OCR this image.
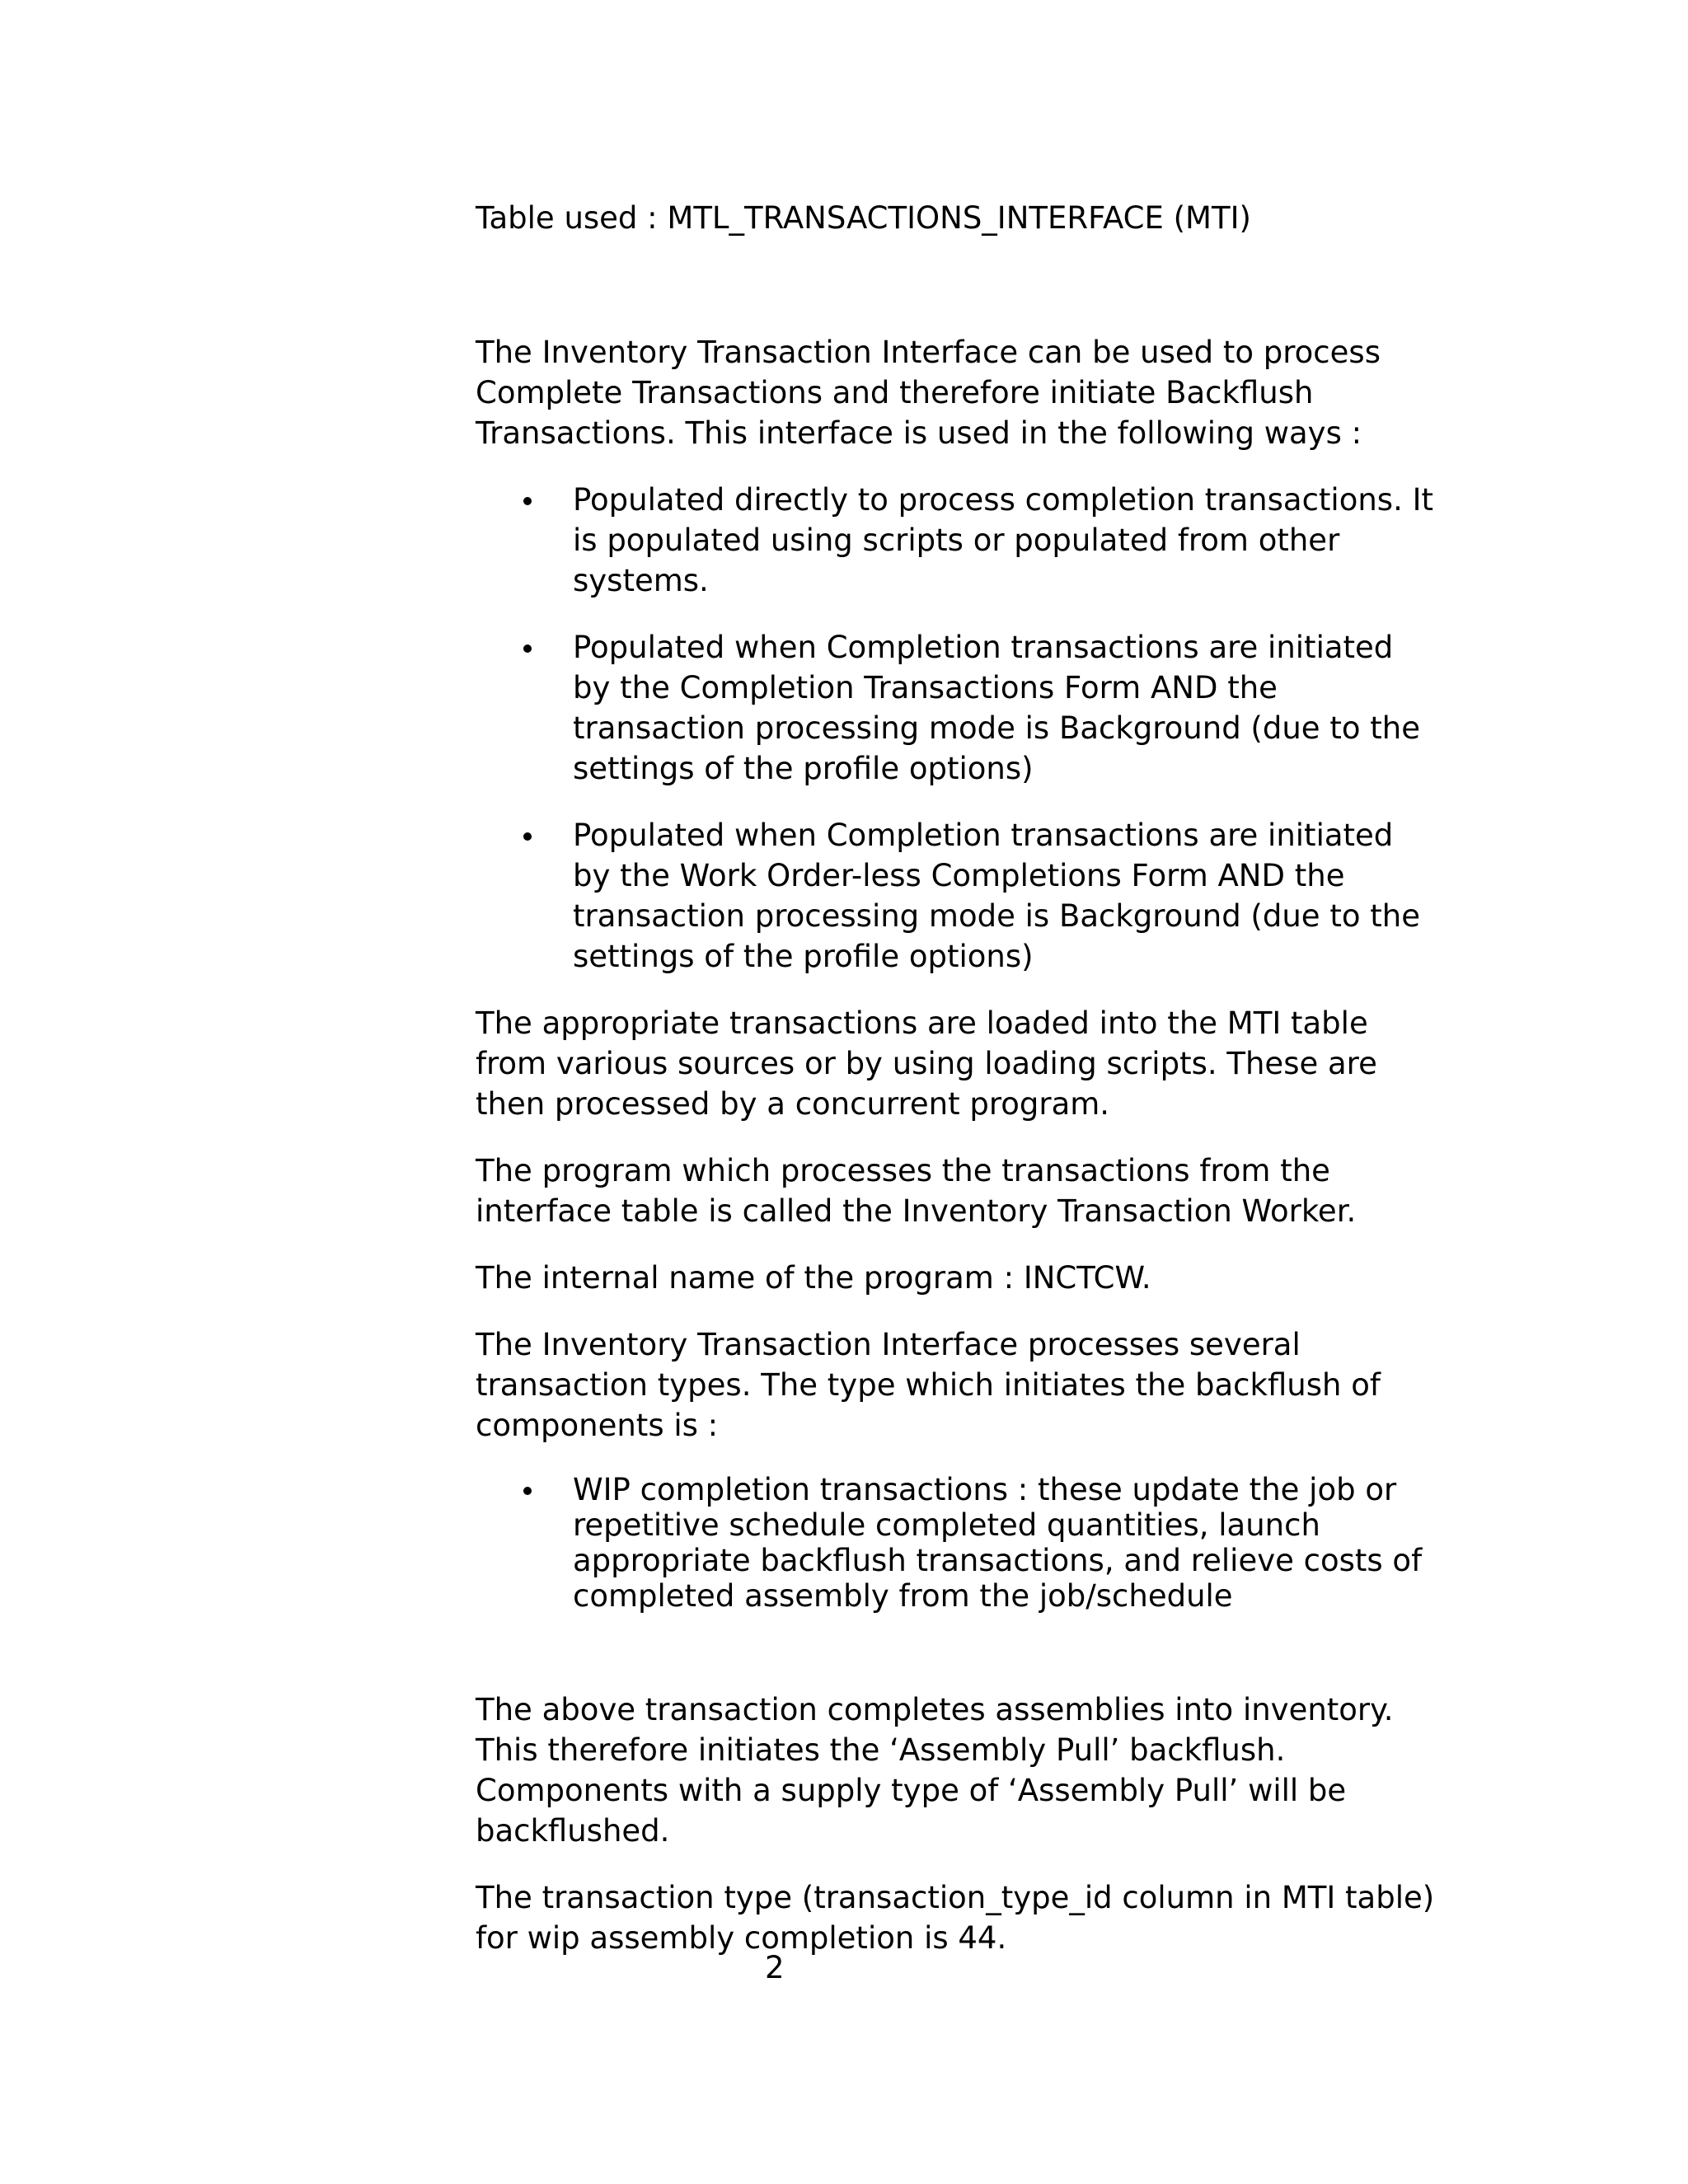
Table used : MTL_TRANSACTIONS_INTERFACE (MTI)

The Inventory Transaction Interface can be used to process Complete Transactions and therefore initiate Backflush Transactions. This interface is used in the following ways :

Populated directly to process completion transactions. It is populated using scripts or populated from other systems.
Populated when Completion transactions are initiated by the Completion Transactions Form AND the transaction processing mode is Background (due to the settings of the profile options)
Populated when Completion transactions are initiated by the Work Order-less Completions Form AND the transaction processing mode is Background (due to the settings of the profile options)

The appropriate transactions are loaded into the MTI table from various sources or by using loading scripts. These are then processed by a concurrent program.

The program which processes the transactions from the interface table is called the Inventory Transaction Worker.

The internal name of the program : INCTCW.

The Inventory Transaction Interface processes several transaction types. The type which initiates the backflush of components is :

WIP completion transactions : these update the job or repetitive schedule completed quantities, launch appropriate backflush transactions, and relieve costs of completed assembly from the job/schedule

The above transaction completes assemblies into inventory. This therefore initiates the ‘Assembly Pull’ backflush. Components with a supply type of ‘Assembly Pull’ will be backflushed.

The transaction type (transaction_type_id column in MTI table) for wip assembly completion is 44.

2
